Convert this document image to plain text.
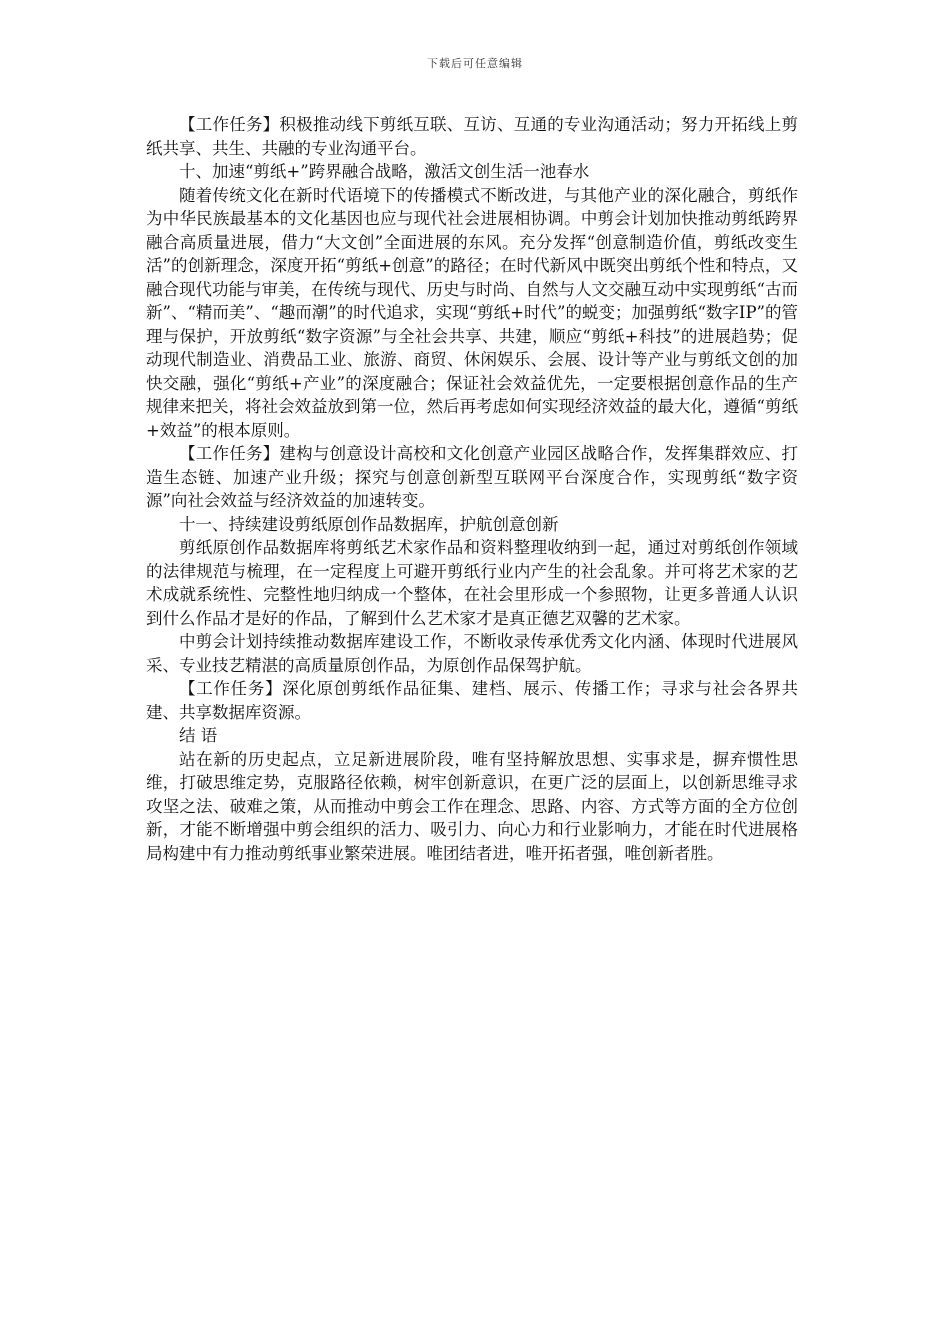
下载后可任意编辑

【工作任务】积极推动线下剪纸互联、互访、互通的专业沟通活动；努力开拓线上剪纸共享、共生、共融的专业沟通平台。

十、加速“剪纸+”跨界融合战略，激活文创生活一池春水

随着传统文化在新时代语境下的传播模式不断改进，与其他产业的深化融合，剪纸作为中华民族最基本的文化基因也应与现代社会进展相协调。中剪会计划加快推动剪纸跨界融合高质量进展，借力“大文创”全面进展的东风。充分发挥“创意制造价值，剪纸改变生活”的创新理念，深度开拓“剪纸+创意”的路径；在时代新风中既突出剪纸个性和特点，又融合现代功能与审美，在传统与现代、历史与时尚、自然与人文交融互动中实现剪纸“古而新”、“精而美”、“趣而潮”的时代追求，实现“剪纸+时代”的蜕变；加强剪纸“数字IP”的管理与保护，开放剪纸“数字资源”与全社会共享、共建，顺应“剪纸+科技”的进展趋势；促动现代制造业、消费品工业、旅游、商贸、休闲娱乐、会展、设计等产业与剪纸文创的加快交融，强化“剪纸+产业”的深度融合；保证社会效益优先，一定要根据创意作品的生产规律来把关，将社会效益放到第一位，然后再考虑如何实现经济效益的最大化，遵循“剪纸+效益”的根本原则。

【工作任务】建构与创意设计高校和文化创意产业园区战略合作，发挥集群效应、打造生态链、加速产业升级；探究与创意创新型互联网平台深度合作，实现剪纸“数字资源”向社会效益与经济效益的加速转变。

十一、持续建设剪纸原创作品数据库，护航创意创新

剪纸原创作品数据库将剪纸艺术家作品和资料整理收纳到一起，通过对剪纸创作领域的法律规范与梳理，在一定程度上可避开剪纸行业内产生的社会乱象。并可将艺术家的艺术成就系统性、完整性地归纳成一个整体，在社会里形成一个参照物，让更多普通人认识到什么作品才是好的作品，了解到什么艺术家才是真正德艺双馨的艺术家。

中剪会计划持续推动数据库建设工作，不断收录传承优秀文化内涵、体现时代进展风采、专业技艺精湛的高质量原创作品，为原创作品保驾护航。

【工作任务】深化原创剪纸作品征集、建档、展示、传播工作；寻求与社会各界共建、共享数据库资源。

结 语

站在新的历史起点，立足新进展阶段，唯有坚持解放思想、实事求是，摒弃惯性思维，打破思维定势，克服路径依赖，树牢创新意识，在更广泛的层面上，以创新思维寻求攻坚之法、破难之策，从而推动中剪会工作在理念、思路、内容、方式等方面的全方位创新，才能不断增强中剪会组织的活力、吸引力、向心力和行业影响力，才能在时代进展格局构建中有力推动剪纸事业繁荣进展。唯团结者进，唯开拓者强，唯创新者胜。
